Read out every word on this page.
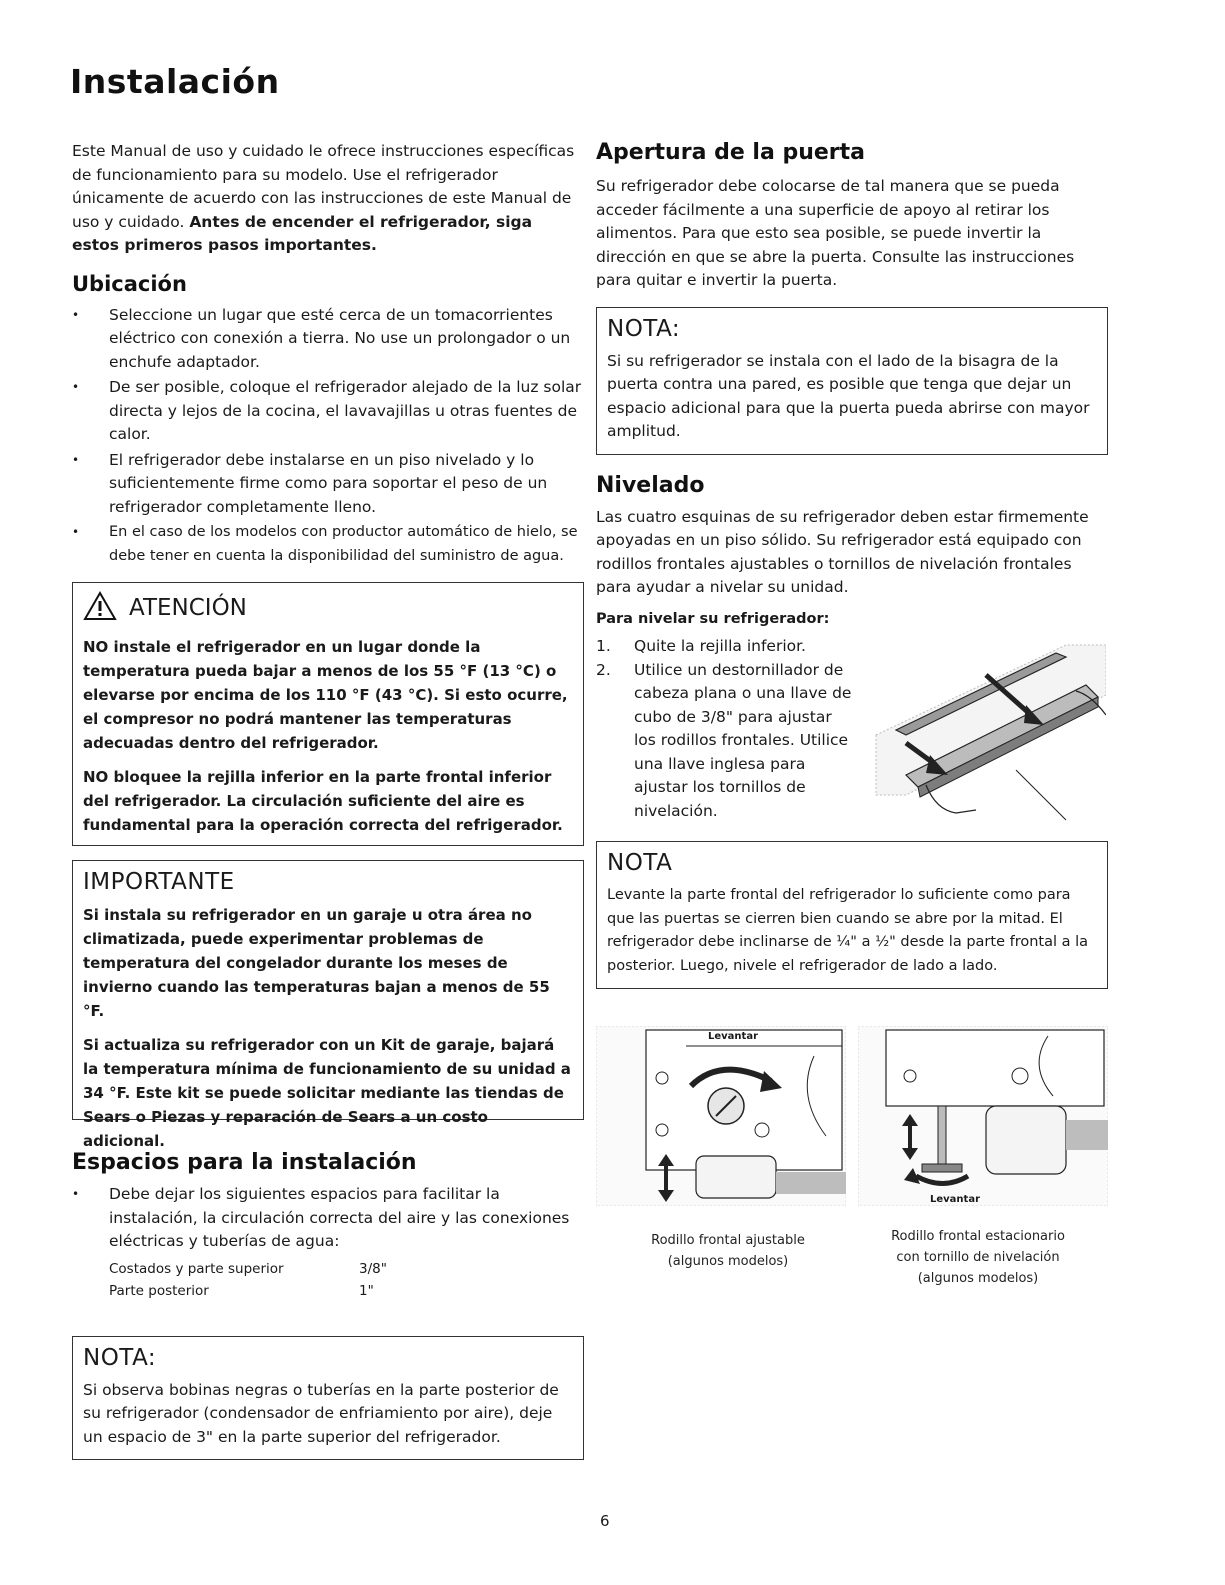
Instalación

Este Manual de uso y cuidado le ofrece instrucciones específicas de funcionamiento para su modelo. Use el refrigerador únicamente de acuerdo con las instrucciones de este Manual de uso y cuidado. Antes de encender el refrigerador, siga estos primeros pasos importantes.

Ubicación
• Seleccione un lugar que esté cerca de un tomacorrientes eléctrico con conexión a tierra. No use un prolongador o un enchufe adaptador.
• De ser posible, coloque el refrigerador alejado de la luz solar directa y lejos de la cocina, el lavavajillas u otras fuentes de calor.
• El refrigerador debe instalarse en un piso nivelado y lo suficientemente firme como para soportar el peso de un refrigerador completamente lleno.
• En el caso de los modelos con productor automático de hielo, se debe tener en cuenta la disponibilidad del suministro de agua.
ATENCIÓN

NO instale el refrigerador en un lugar donde la temperatura pueda bajar a menos de los 55 °F (13 °C) o elevarse por encima de los 110 °F (43 °C). Si esto ocurre, el compresor no podrá mantener las temperaturas adecuadas dentro del refrigerador.

NO bloquee la rejilla inferior en la parte frontal inferior del refrigerador. La circulación suficiente del aire es fundamental para la operación correcta del refrigerador.

IMPORTANTE

Si instala su refrigerador en un garaje u otra área no climatizada, puede experimentar problemas de temperatura del congelador durante los meses de invierno cuando las temperaturas bajan a menos de 55 °F.

Si actualiza su refrigerador con un Kit de garaje, bajará la temperatura mínima de funcionamiento de su unidad a 34 °F. Este kit se puede solicitar mediante las tiendas de Sears o Piezas y reparación de Sears a un costo adicional.

Espacios para la instalación
• Debe dejar los siguientes espacios para facilitar la instalación, la circulación correcta del aire y las conexiones eléctricas y tuberías de agua:
Costados y parte superior	3/8"
Parte posterior	1"
NOTA:

Si observa bobinas negras o tuberías en la parte posterior de su refrigerador (condensador de enfriamiento por aire), deje un espacio de 3" en la parte superior del refrigerador.

Apertura de la puerta

Su refrigerador debe colocarse de tal manera que se pueda acceder fácilmente a una superficie de apoyo al retirar los alimentos. Para que esto sea posible, se puede invertir la dirección en que se abre la puerta. Consulte las instrucciones para quitar e invertir la puerta.

NOTA:

Si su refrigerador se instala con el lado de la bisagra de la puerta contra una pared, es posible que tenga que dejar un espacio adicional para que la puerta pueda abrirse con mayor amplitud.

Nivelado

Las cuatro esquinas de su refrigerador deben estar firmemente apoyadas en un piso sólido. Su refrigerador está equipado con rodillos frontales ajustables o tornillos de nivelación frontales para ayudar a nivelar su unidad.

Para nivelar su refrigerador:

1. Quite la rejilla inferior.
2. Utilice un destornillador de cabeza plana o una llave de cubo de 3/8" para ajustar los rodillos frontales. Utilice una llave inglesa para ajustar los tornillos de nivelación.
NOTA

Levante la parte frontal del refrigerador lo suficiente como para que las puertas se cierren bien cuando se abre por la mitad. El refrigerador debe inclinarse de ¼" a ½" desde la parte frontal a la posterior. Luego, nivele el refrigerador de lado a lado.

Levantar
Levantar
Rodillo frontal ajustable
(algunos modelos)
Rodillo frontal estacionario
con tornillo de nivelación
(algunos modelos)
6
